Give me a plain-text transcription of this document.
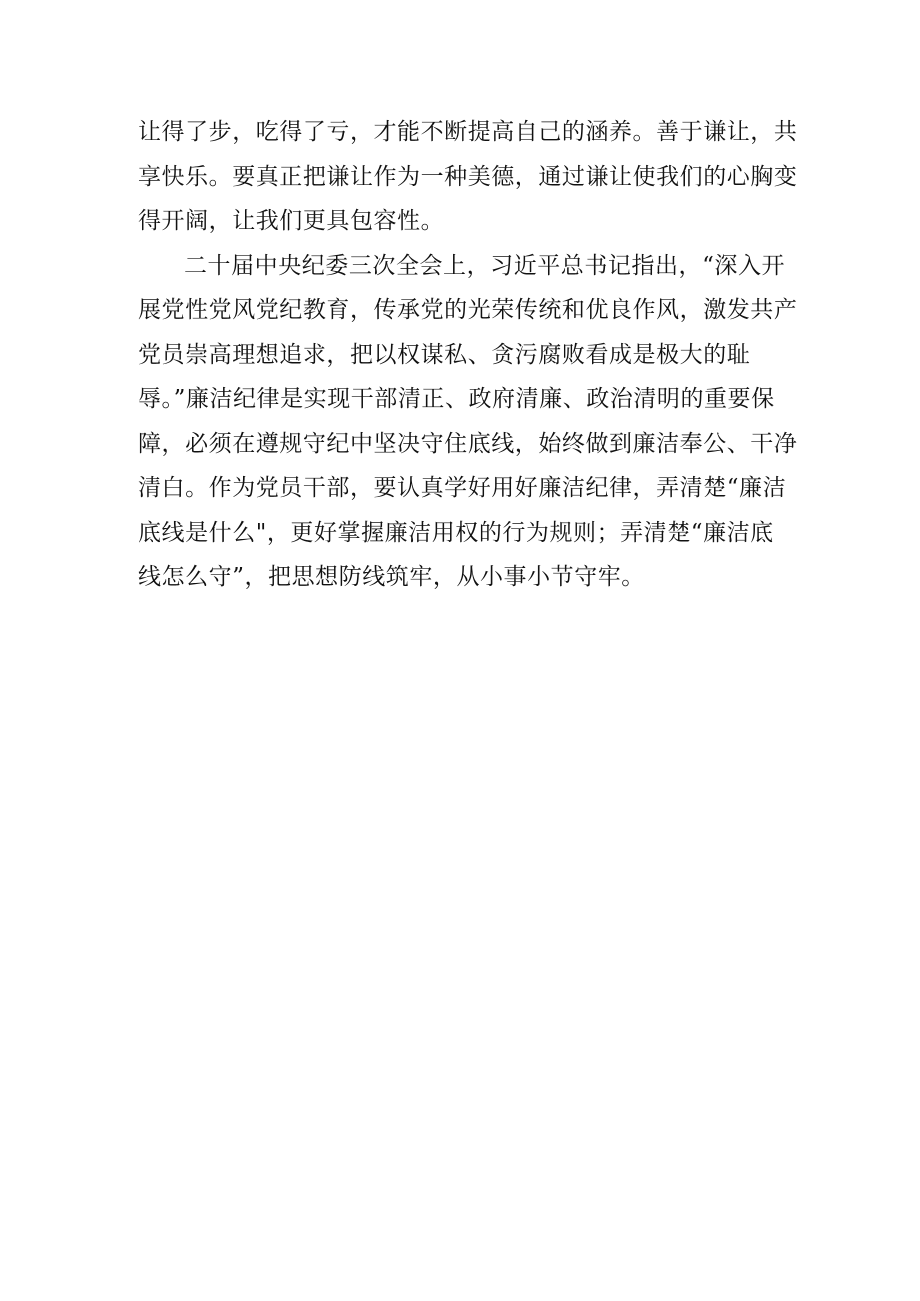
让得了步，吃得了亏，才能不断提高自己的涵养。善于谦让，共
享快乐。要真正把谦让作为一种美德，通过谦让使我们的心胸变
得开阔，让我们更具包容性。
二十届中央纪委三次全会上，习近平总书记指出，“深入开
展党性党风党纪教育，传承党的光荣传统和优良作风，激发共产
党员崇高理想追求，把以权谋私、贪污腐败看成是极大的耻
辱。”廉洁纪律是实现干部清正、政府清廉、政治清明的重要保
障，必须在遵规守纪中坚决守住底线，始终做到廉洁奉公、干净
清白。作为党员干部，要认真学好用好廉洁纪律，弄清楚“廉洁
底线是什么"，更好掌握廉洁用权的行为规则；弄清楚“廉洁底
线怎么守”，把思想防线筑牢，从小事小节守牢。
